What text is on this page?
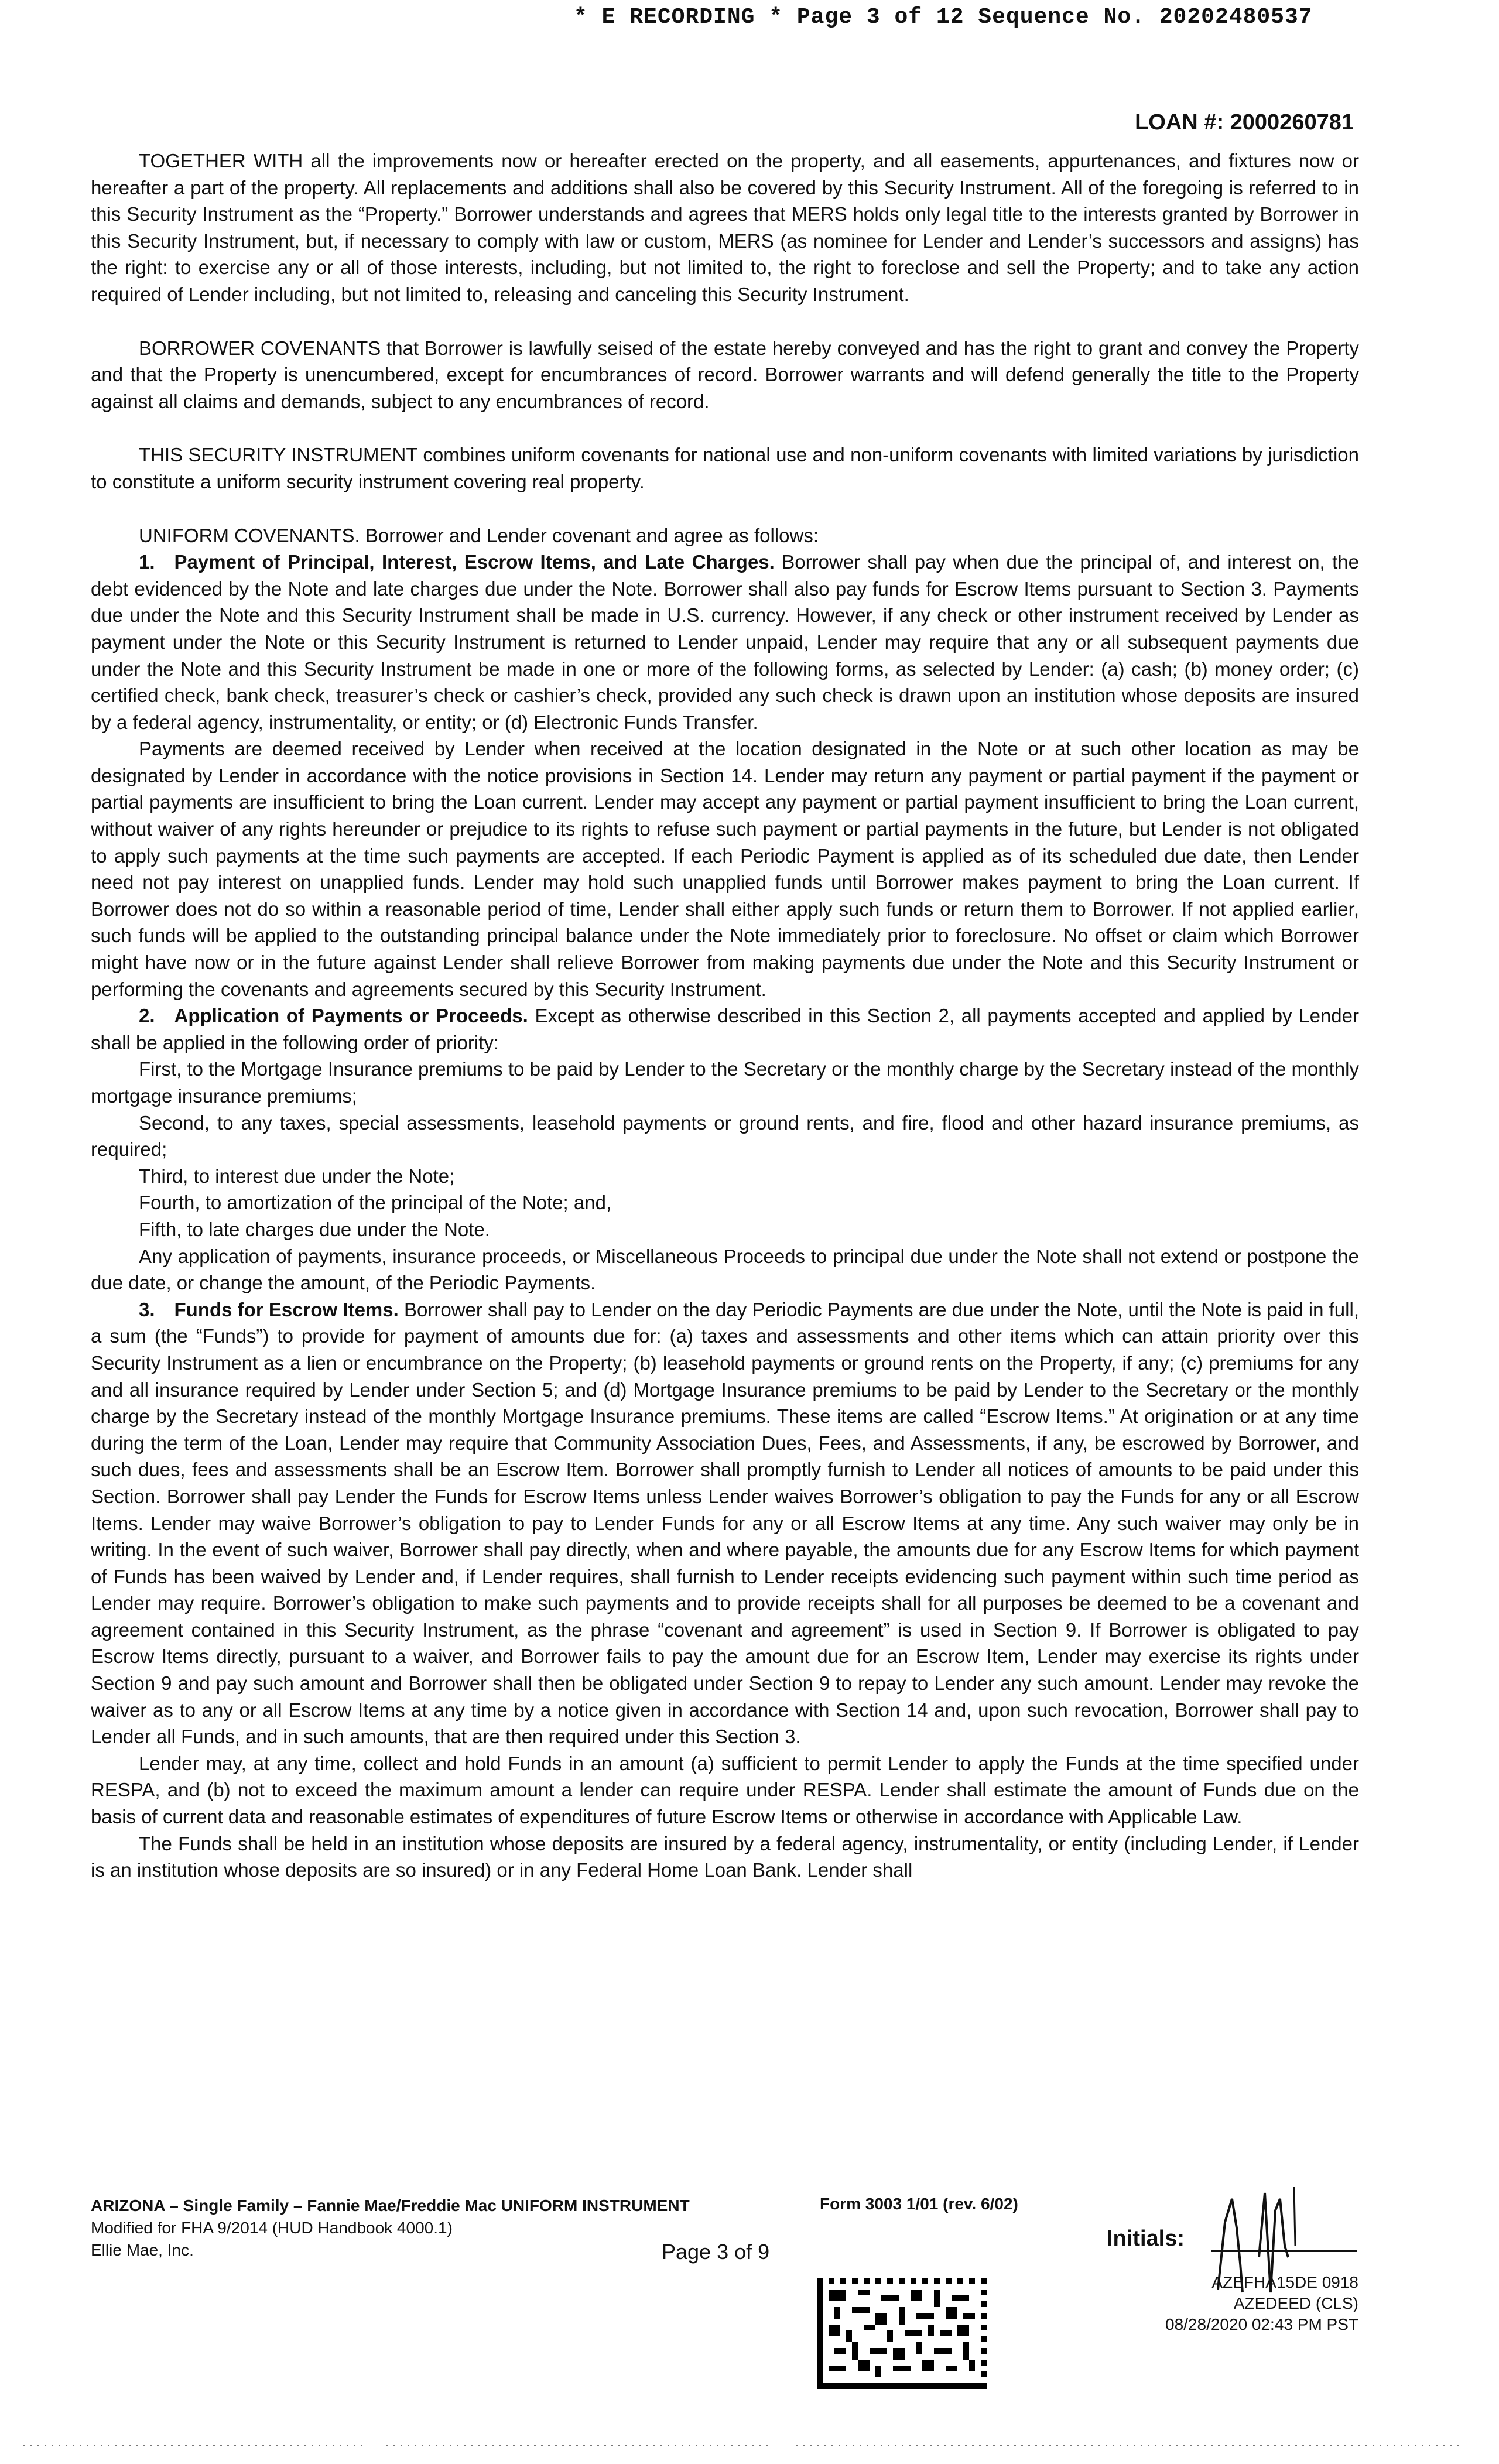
* E RECORDING * Page 3 of 12 Sequence No. 20202480537
LOAN #: 2000260781

TOGETHER WITH all the improvements now or hereafter erected on the property, and all easements, appurtenances, and fixtures now or hereafter a part of the property. All replacements and additions shall also be covered by this Security Instrument. All of the foregoing is referred to in this Security Instrument as the “Property.” Borrower understands and agrees that MERS holds only legal title to the interests granted by Borrower in this Security Instrument, but, if necessary to comply with law or custom, MERS (as nominee for Lender and Lender’s successors and assigns) has the right: to exercise any or all of those interests, including, but not limited to, the right to foreclose and sell the Property; and to take any action required of Lender including, but not limited to, releasing and canceling this Security Instrument.

BORROWER COVENANTS that Borrower is lawfully seised of the estate hereby conveyed and has the right to grant and convey the Property and that the Property is unencumbered, except for encumbrances of record. Borrower warrants and will defend generally the title to the Property against all claims and demands, subject to any encumbrances of record.

THIS SECURITY INSTRUMENT combines uniform covenants for national use and non-uniform covenants with limited variations by jurisdiction to constitute a uniform security instrument covering real property.

UNIFORM COVENANTS. Borrower and Lender covenant and agree as follows:

1. Payment of Principal, Interest, Escrow Items, and Late Charges. Borrower shall pay when due the principal of, and interest on, the debt evidenced by the Note and late charges due under the Note. Borrower shall also pay funds for Escrow Items pursuant to Section 3. Payments due under the Note and this Security Instrument shall be made in U.S. currency. However, if any check or other instrument received by Lender as payment under the Note or this Security Instrument is returned to Lender unpaid, Lender may require that any or all subsequent payments due under the Note and this Security Instrument be made in one or more of the following forms, as selected by Lender: (a) cash; (b) money order; (c) certified check, bank check, treasurer’s check or cashier’s check, provided any such check is drawn upon an institution whose deposits are insured by a federal agency, instrumentality, or entity; or (d) Electronic Funds Transfer.

Payments are deemed received by Lender when received at the location designated in the Note or at such other location as may be designated by Lender in accordance with the notice provisions in Section 14. Lender may return any payment or partial payment if the payment or partial payments are insufficient to bring the Loan current. Lender may accept any payment or partial payment insufficient to bring the Loan current, without waiver of any rights hereunder or prejudice to its rights to refuse such payment or partial payments in the future, but Lender is not obligated to apply such payments at the time such payments are accepted. If each Periodic Payment is applied as of its scheduled due date, then Lender need not pay interest on unapplied funds. Lender may hold such unapplied funds until Borrower makes payment to bring the Loan current. If Borrower does not do so within a reasonable period of time, Lender shall either apply such funds or return them to Borrower. If not applied earlier, such funds will be applied to the outstanding principal balance under the Note immediately prior to foreclosure. No offset or claim which Borrower might have now or in the future against Lender shall relieve Borrower from making payments due under the Note and this Security Instrument or performing the covenants and agreements secured by this Security Instrument.

2. Application of Payments or Proceeds. Except as otherwise described in this Section 2, all payments accepted and applied by Lender shall be applied in the following order of priority:

First, to the Mortgage Insurance premiums to be paid by Lender to the Secretary or the monthly charge by the Secretary instead of the monthly mortgage insurance premiums;

Second, to any taxes, special assessments, leasehold payments or ground rents, and fire, flood and other hazard insurance premiums, as required;

Third, to interest due under the Note;

Fourth, to amortization of the principal of the Note; and,

Fifth, to late charges due under the Note.

Any application of payments, insurance proceeds, or Miscellaneous Proceeds to principal due under the Note shall not extend or postpone the due date, or change the amount, of the Periodic Payments.

3. Funds for Escrow Items. Borrower shall pay to Lender on the day Periodic Payments are due under the Note, until the Note is paid in full, a sum (the “Funds”) to provide for payment of amounts due for: (a) taxes and assessments and other items which can attain priority over this Security Instrument as a lien or encumbrance on the Property; (b) leasehold payments or ground rents on the Property, if any; (c) premiums for any and all insurance required by Lender under Section 5; and (d) Mortgage Insurance premiums to be paid by Lender to the Secretary or the monthly charge by the Secretary instead of the monthly Mortgage Insurance premiums. These items are called “Escrow Items.” At origination or at any time during the term of the Loan, Lender may require that Community Association Dues, Fees, and Assessments, if any, be escrowed by Borrower, and such dues, fees and assessments shall be an Escrow Item. Borrower shall promptly furnish to Lender all notices of amounts to be paid under this Section. Borrower shall pay Lender the Funds for Escrow Items unless Lender waives Borrower’s obligation to pay the Funds for any or all Escrow Items. Lender may waive Borrower’s obligation to pay to Lender Funds for any or all Escrow Items at any time. Any such waiver may only be in writing. In the event of such waiver, Borrower shall pay directly, when and where payable, the amounts due for any Escrow Items for which payment of Funds has been waived by Lender and, if Lender requires, shall furnish to Lender receipts evidencing such payment within such time period as Lender may require. Borrower’s obligation to make such payments and to provide receipts shall for all purposes be deemed to be a covenant and agreement contained in this Security Instrument, as the phrase “covenant and agreement” is used in Section 9. If Borrower is obligated to pay Escrow Items directly, pursuant to a waiver, and Borrower fails to pay the amount due for an Escrow Item, Lender may exercise its rights under Section 9 and pay such amount and Borrower shall then be obligated under Section 9 to repay to Lender any such amount. Lender may revoke the waiver as to any or all Escrow Items at any time by a notice given in accordance with Section 14 and, upon such revocation, Borrower shall pay to Lender all Funds, and in such amounts, that are then required under this Section 3.

Lender may, at any time, collect and hold Funds in an amount (a) sufficient to permit Lender to apply the Funds at the time specified under RESPA, and (b) not to exceed the maximum amount a lender can require under RESPA. Lender shall estimate the amount of Funds due on the basis of current data and reasonable estimates of expenditures of future Escrow Items or otherwise in accordance with Applicable Law.

The Funds shall be held in an institution whose deposits are insured by a federal agency, instrumentality, or entity (including Lender, if Lender is an institution whose deposits are so insured) or in any Federal Home Loan Bank. Lender shall

ARIZONA – Single Family – Fannie Mae/Freddie Mac UNIFORM INSTRUMENT
Modified for FHA 9/2014 (HUD Handbook 4000.1)
Ellie Mae, Inc.
Form 3003 1/01 (rev. 6/02)
Page 3 of 9
Initials:
AZEFHA15DE 0918
AZEDEED (CLS)
08/28/2020 02:43 PM PST
